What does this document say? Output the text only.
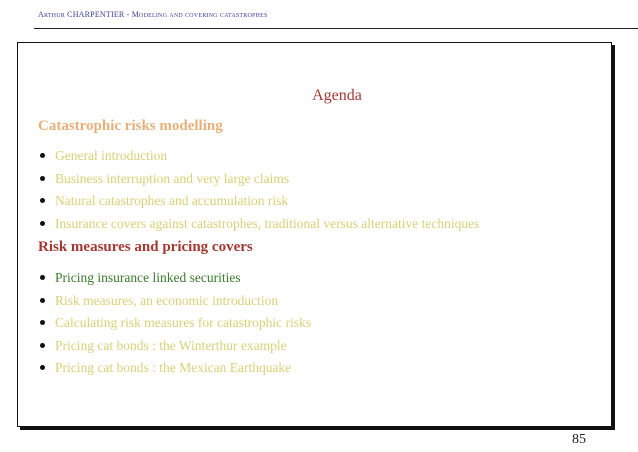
Arthur CHARPENTIER - Modeling and covering catastrophes
Agenda
Catastrophic risks modelling
General introduction
Business interruption and very large claims
Natural catastrophes and accumulation risk
Insurance covers against catastrophes, traditional versus alternative techniques
Risk measures and pricing covers
Pricing insurance linked securities
Risk measures, an economic introduction
Calculating risk measures for catastrophic risks
Pricing cat bonds : the Winterthur example
Pricing cat bonds : the Mexican Earthquake
85
